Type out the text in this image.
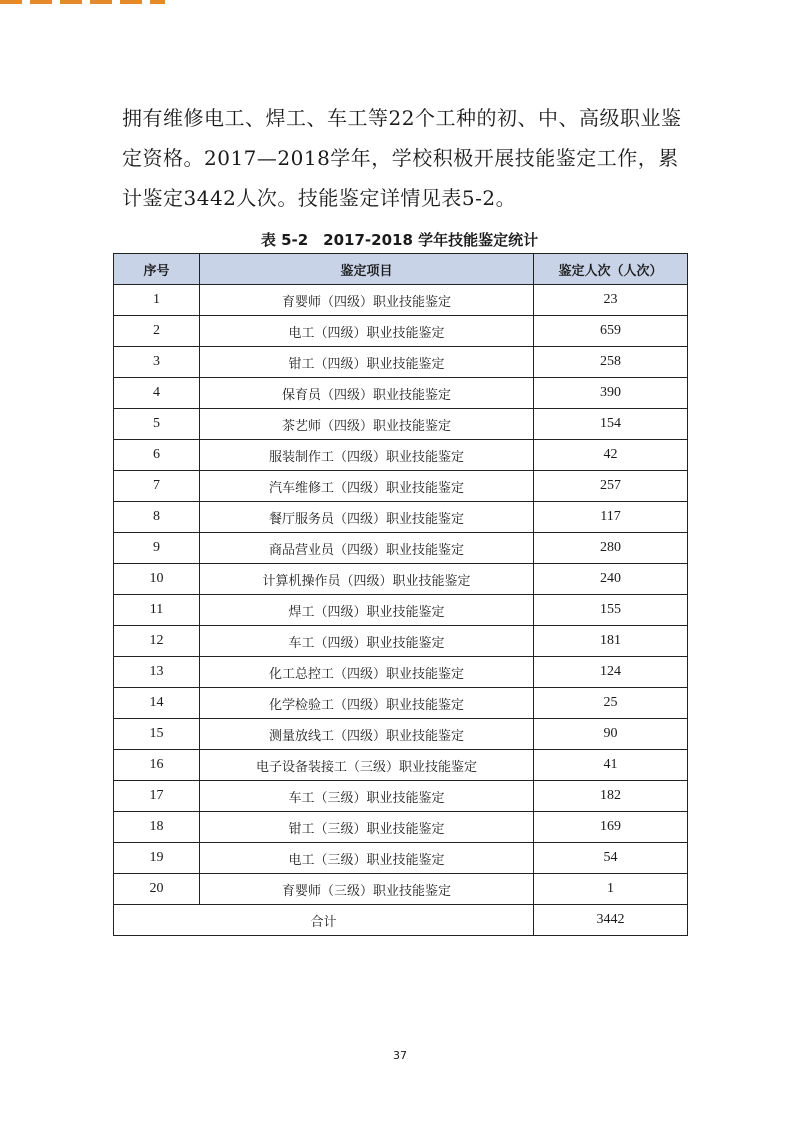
拥有维修电工、焊工、车工等22个工种的初、中、高级职业鉴定资格。2017—2018学年，学校积极开展技能鉴定工作，累计鉴定3442人次。技能鉴定详情见表5-2。

表 5-2　2017-2018 学年技能鉴定统计
序号	鉴定项目	鉴定人次（人次）
1	育婴师（四级）职业技能鉴定	23
2	电工（四级）职业技能鉴定	659
3	钳工（四级）职业技能鉴定	258
4	保育员（四级）职业技能鉴定	390
5	茶艺师（四级）职业技能鉴定	154
6	服装制作工（四级）职业技能鉴定	42
7	汽车维修工（四级）职业技能鉴定	257
8	餐厅服务员（四级）职业技能鉴定	117
9	商品营业员（四级）职业技能鉴定	280
10	计算机操作员（四级）职业技能鉴定	240
11	焊工（四级）职业技能鉴定	155
12	车工（四级）职业技能鉴定	181
13	化工总控工（四级）职业技能鉴定	124
14	化学检验工（四级）职业技能鉴定	25
15	测量放线工（四级）职业技能鉴定	90
16	电子设备装接工（三级）职业技能鉴定	41
17	车工（三级）职业技能鉴定	182
18	钳工（三级）职业技能鉴定	169
19	电工（三级）职业技能鉴定	54
20	育婴师（三级）职业技能鉴定	1
合计		3442
37
